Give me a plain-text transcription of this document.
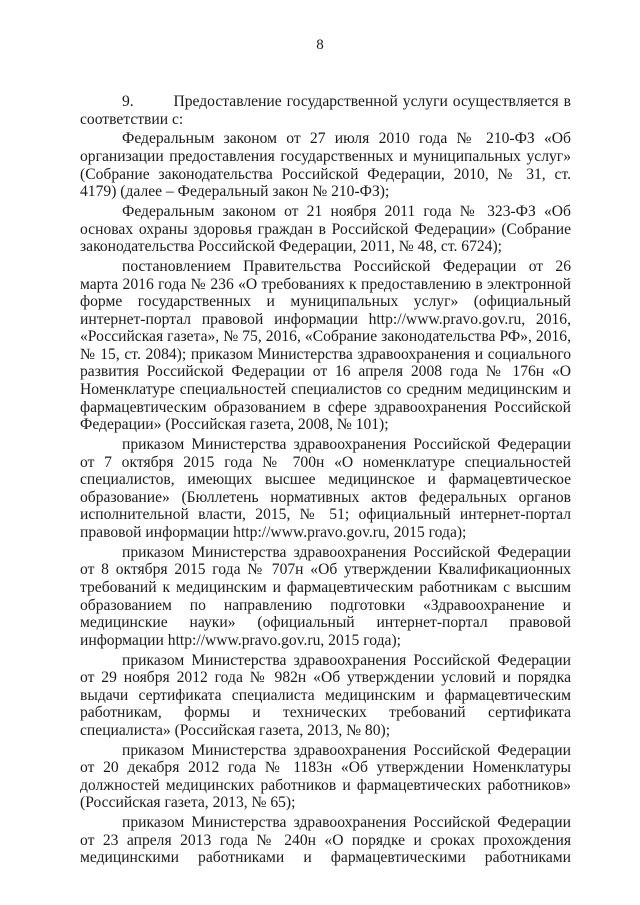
8

9.        Предоставление государственной услуги осуществляется в соответствии с:

Федеральным законом от 27 июля 2010 года № 210-ФЗ «Об организации предоставления государственных и муниципальных услуг» (Собрание законодательства Российской Федерации, 2010, № 31, ст. 4179) (далее – Федеральный закон № 210-ФЗ);

Федеральным законом от 21 ноября 2011 года № 323-ФЗ «Об основах охраны здоровья граждан в Российской Федерации» (Собрание законодательства Российской Федерации, 2011, № 48, ст. 6724);

постановлением Правительства Российской Федерации от 26 марта 2016 года № 236 «О требованиях к предоставлению в электронной форме государственных и муниципальных услуг» (официальный интернет-портал правовой информации http://www.pravo.gov.ru, 2016, «Российская газета», № 75, 2016, «Собрание законодательства РФ», 2016, № 15, ст. 2084); приказом Министерства здравоохранения и социального развития Российской Федерации от 16 апреля 2008 года № 176н «О Номенклатуре специальностей специалистов со средним медицинским и фармацевтическим образованием в сфере здравоохранения Российской Федерации» (Российская газета, 2008, № 101);

приказом Министерства здравоохранения Российской Федерации от 7 октября 2015 года № 700н «О номенклатуре специальностей специалистов, имеющих высшее медицинское и фармацевтическое образование» (Бюллетень нормативных актов федеральных органов исполнительной власти, 2015, № 51; официальный интернет-портал правовой информации http://www.pravo.gov.ru, 2015 года);

приказом Министерства здравоохранения Российской Федерации от 8 октября 2015 года № 707н «Об утверждении Квалификационных требований к медицинским и фармацевтическим работникам с высшим образованием по направлению подготовки «Здравоохранение и медицинские науки» (официальный интернет-портал правовой информации http://www.pravo.gov.ru, 2015 года);

приказом Министерства здравоохранения Российской Федерации от 29 ноября 2012 года № 982н «Об утверждении условий и порядка выдачи сертификата специалиста медицинским и фармацевтическим работникам, формы и технических требований сертификата специалиста» (Российская газета, 2013, № 80);

приказом Министерства здравоохранения Российской Федерации от 20 декабря 2012 года № 1183н «Об утверждении Номенклатуры должностей медицинских работников и фармацевтических работников» (Российская газета, 2013, № 65);

приказом Министерства здравоохранения Российской Федерации от 23 апреля 2013 года № 240н «О порядке и сроках прохождения медицинскими работниками и фармацевтическими работниками
